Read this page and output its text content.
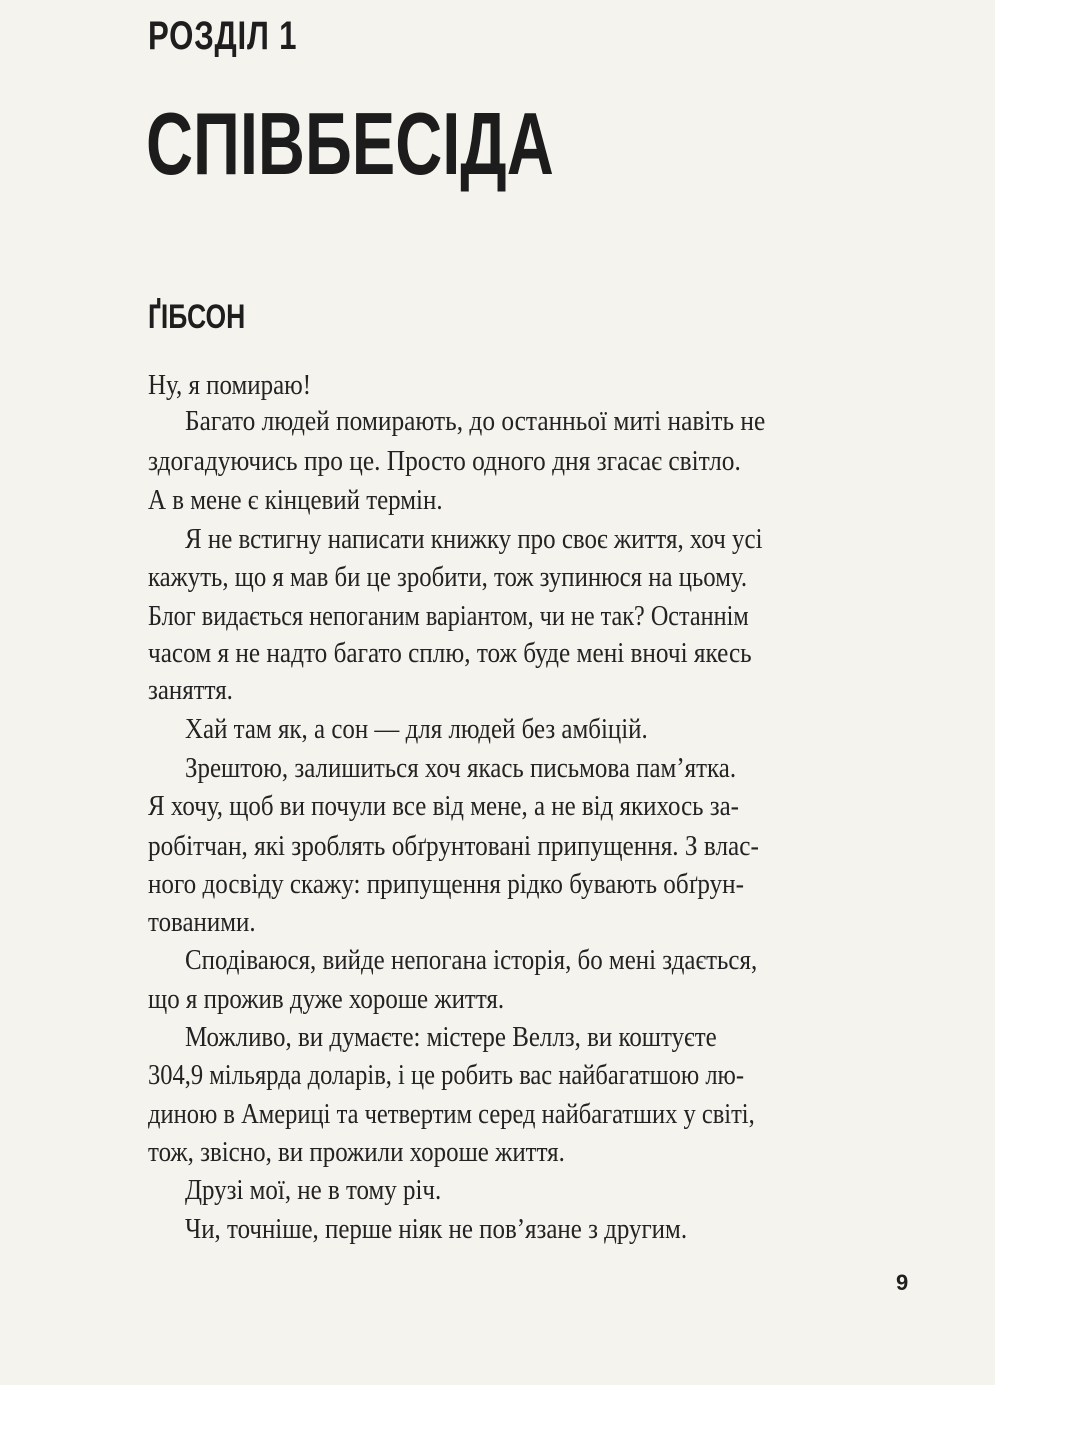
РОЗДІЛ 1
СПІВБЕСІДА
ҐІБСОН
Ну, я помираю!
Багато людей помирають, до останньої миті навіть не
здогадуючись про це. Просто одного дня згасає світло.
А в мене є кінцевий термін.
Я не встигну написати книжку про своє життя, хоч усі
кажуть, що я мав би це зробити, тож зупинюся на цьому.
Блог видається непоганим варіантом, чи не так? Останнім
часом я не надто багато сплю, тож буде мені вночі якесь
заняття.
Хай там як, а сон — для людей без амбіцій.
Зрештою, залишиться хоч якась письмова пам’ятка.
Я хочу, щоб ви почули все від мене, а не від якихось за-
робітчан, які зроблять обґрунтовані припущення. З влас-
ного досвіду скажу: припущення рідко бувають обґрун-
тованими.
Сподіваюся, вийде непогана історія, бо мені здається,
що я прожив дуже хороше життя.
Можливо, ви думаєте: містере Веллз, ви коштуєте
304,9 мільярда доларів, і це робить вас найбагатшою лю-
диною в Америці та четвертим серед найбагатших у світі,
тож, звісно, ви прожили хороше життя.
Друзі мої, не в тому річ.
Чи, точніше, перше ніяк не пов’язане з другим.
9
